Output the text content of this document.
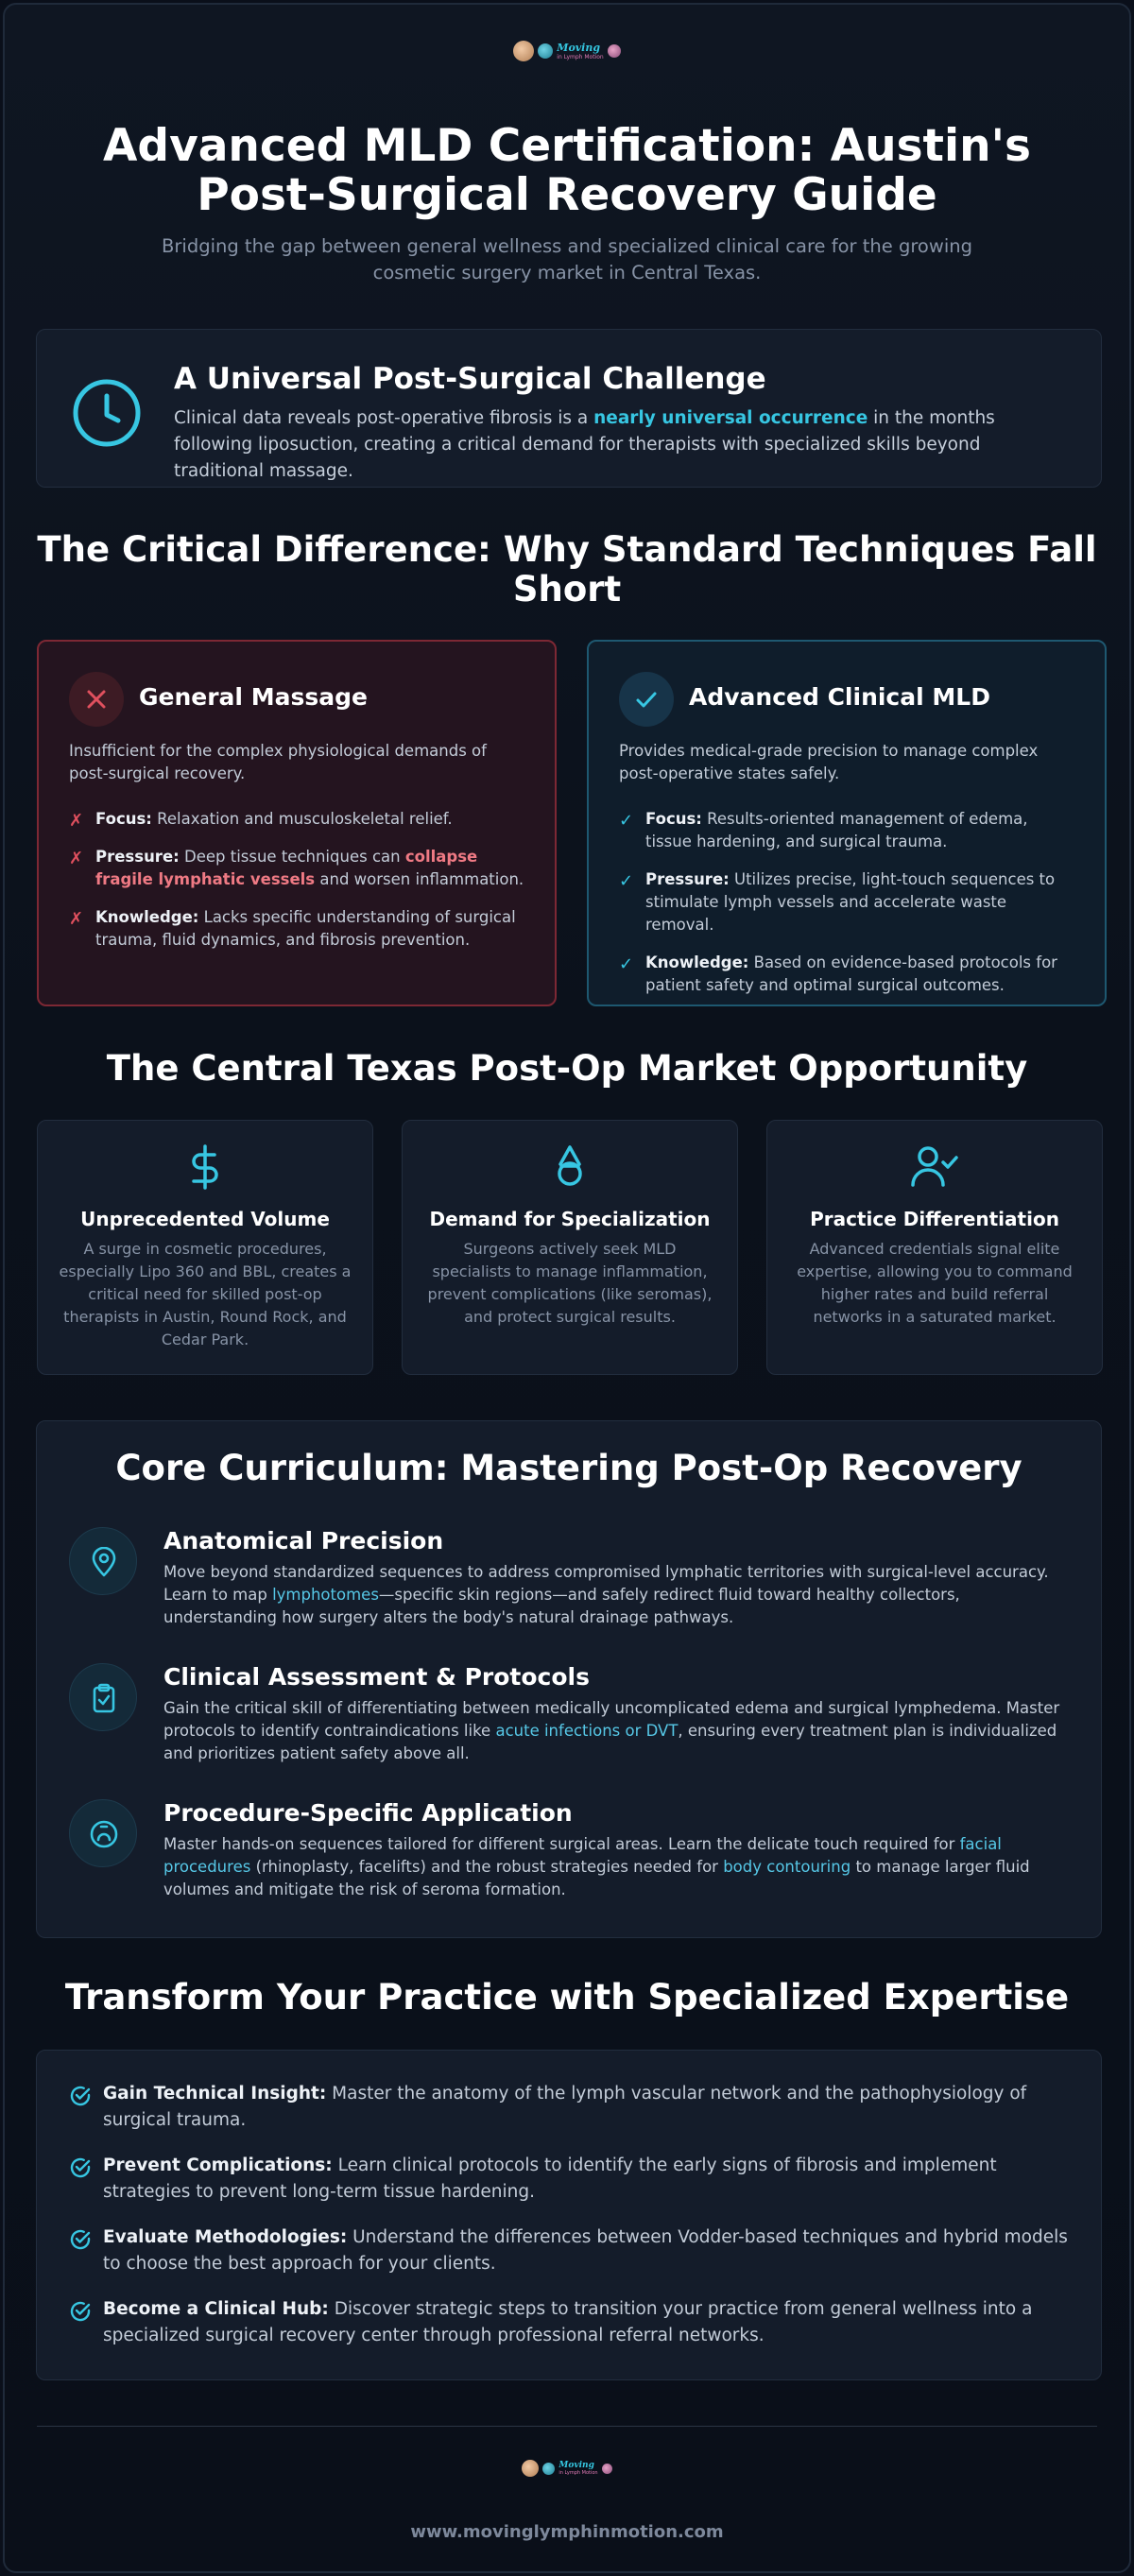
Moving
in Lymph Motion
Advanced MLD Certification: Austin's Post-Surgical Recovery Guide

Bridging the gap between general wellness and specialized clinical care for the growing cosmetic surgery market in Central Texas.

A Universal Post-Surgical Challenge
Clinical data reveals post-operative fibrosis is a nearly universal occurrence in the months following liposuction, creating a critical demand for therapists with specialized skills beyond traditional massage.
The Critical Difference: Why Standard Techniques Fall Short
General Massage
Insufficient for the complex physiological demands of post-surgical recovery.
✗ Focus: Relaxation and musculoskeletal relief.
✗ Pressure: Deep tissue techniques can collapse fragile lymphatic vessels and worsen inflammation.
✗ Knowledge: Lacks specific understanding of surgical trauma, fluid dynamics, and fibrosis prevention.
Advanced Clinical MLD
Provides medical-grade precision to manage complex post-operative states safely.
✓ Focus: Results-oriented management of edema, tissue hardening, and surgical trauma.
✓ Pressure: Utilizes precise, light-touch sequences to stimulate lymph vessels and accelerate waste removal.
✓ Knowledge: Based on evidence-based protocols for patient safety and optimal surgical outcomes.
The Central Texas Post-Op Market Opportunity
Unprecedented Volume
A surge in cosmetic procedures, especially Lipo 360 and BBL, creates a critical need for skilled post-op therapists in Austin, Round Rock, and Cedar Park.
Demand for Specialization
Surgeons actively seek MLD specialists to manage inflammation, prevent complications (like seromas), and protect surgical results.
Practice Differentiation
Advanced credentials signal elite expertise, allowing you to command higher rates and build referral networks in a saturated market.
Core Curriculum: Mastering Post-Op Recovery
Anatomical Precision
Move beyond standardized sequences to address compromised lymphatic territories with surgical-level accuracy. Learn to map lymphotomes—specific skin regions—and safely redirect fluid toward healthy collectors, understanding how surgery alters the body's natural drainage pathways.
Clinical Assessment & Protocols
Gain the critical skill of differentiating between medically uncomplicated edema and surgical lymphedema. Master protocols to identify contraindications like acute infections or DVT, ensuring every treatment plan is individualized and prioritizes patient safety above all.
Procedure-Specific Application
Master hands-on sequences tailored for different surgical areas. Learn the delicate touch required for facial procedures (rhinoplasty, facelifts) and the robust strategies needed for body contouring to manage larger fluid volumes and mitigate the risk of seroma formation.
Transform Your Practice with Specialized Expertise
Gain Technical Insight: Master the anatomy of the lymph vascular network and the pathophysiology of surgical trauma.
Prevent Complications: Learn clinical protocols to identify the early signs of fibrosis and implement strategies to prevent long-term tissue hardening.
Evaluate Methodologies: Understand the differences between Vodder-based techniques and hybrid models to choose the best approach for your clients.
Become a Clinical Hub: Discover strategic steps to transition your practice from general wellness into a specialized surgical recovery center through professional referral networks.
Moving
in Lymph Motion
www.movinglymphinmotion.com
